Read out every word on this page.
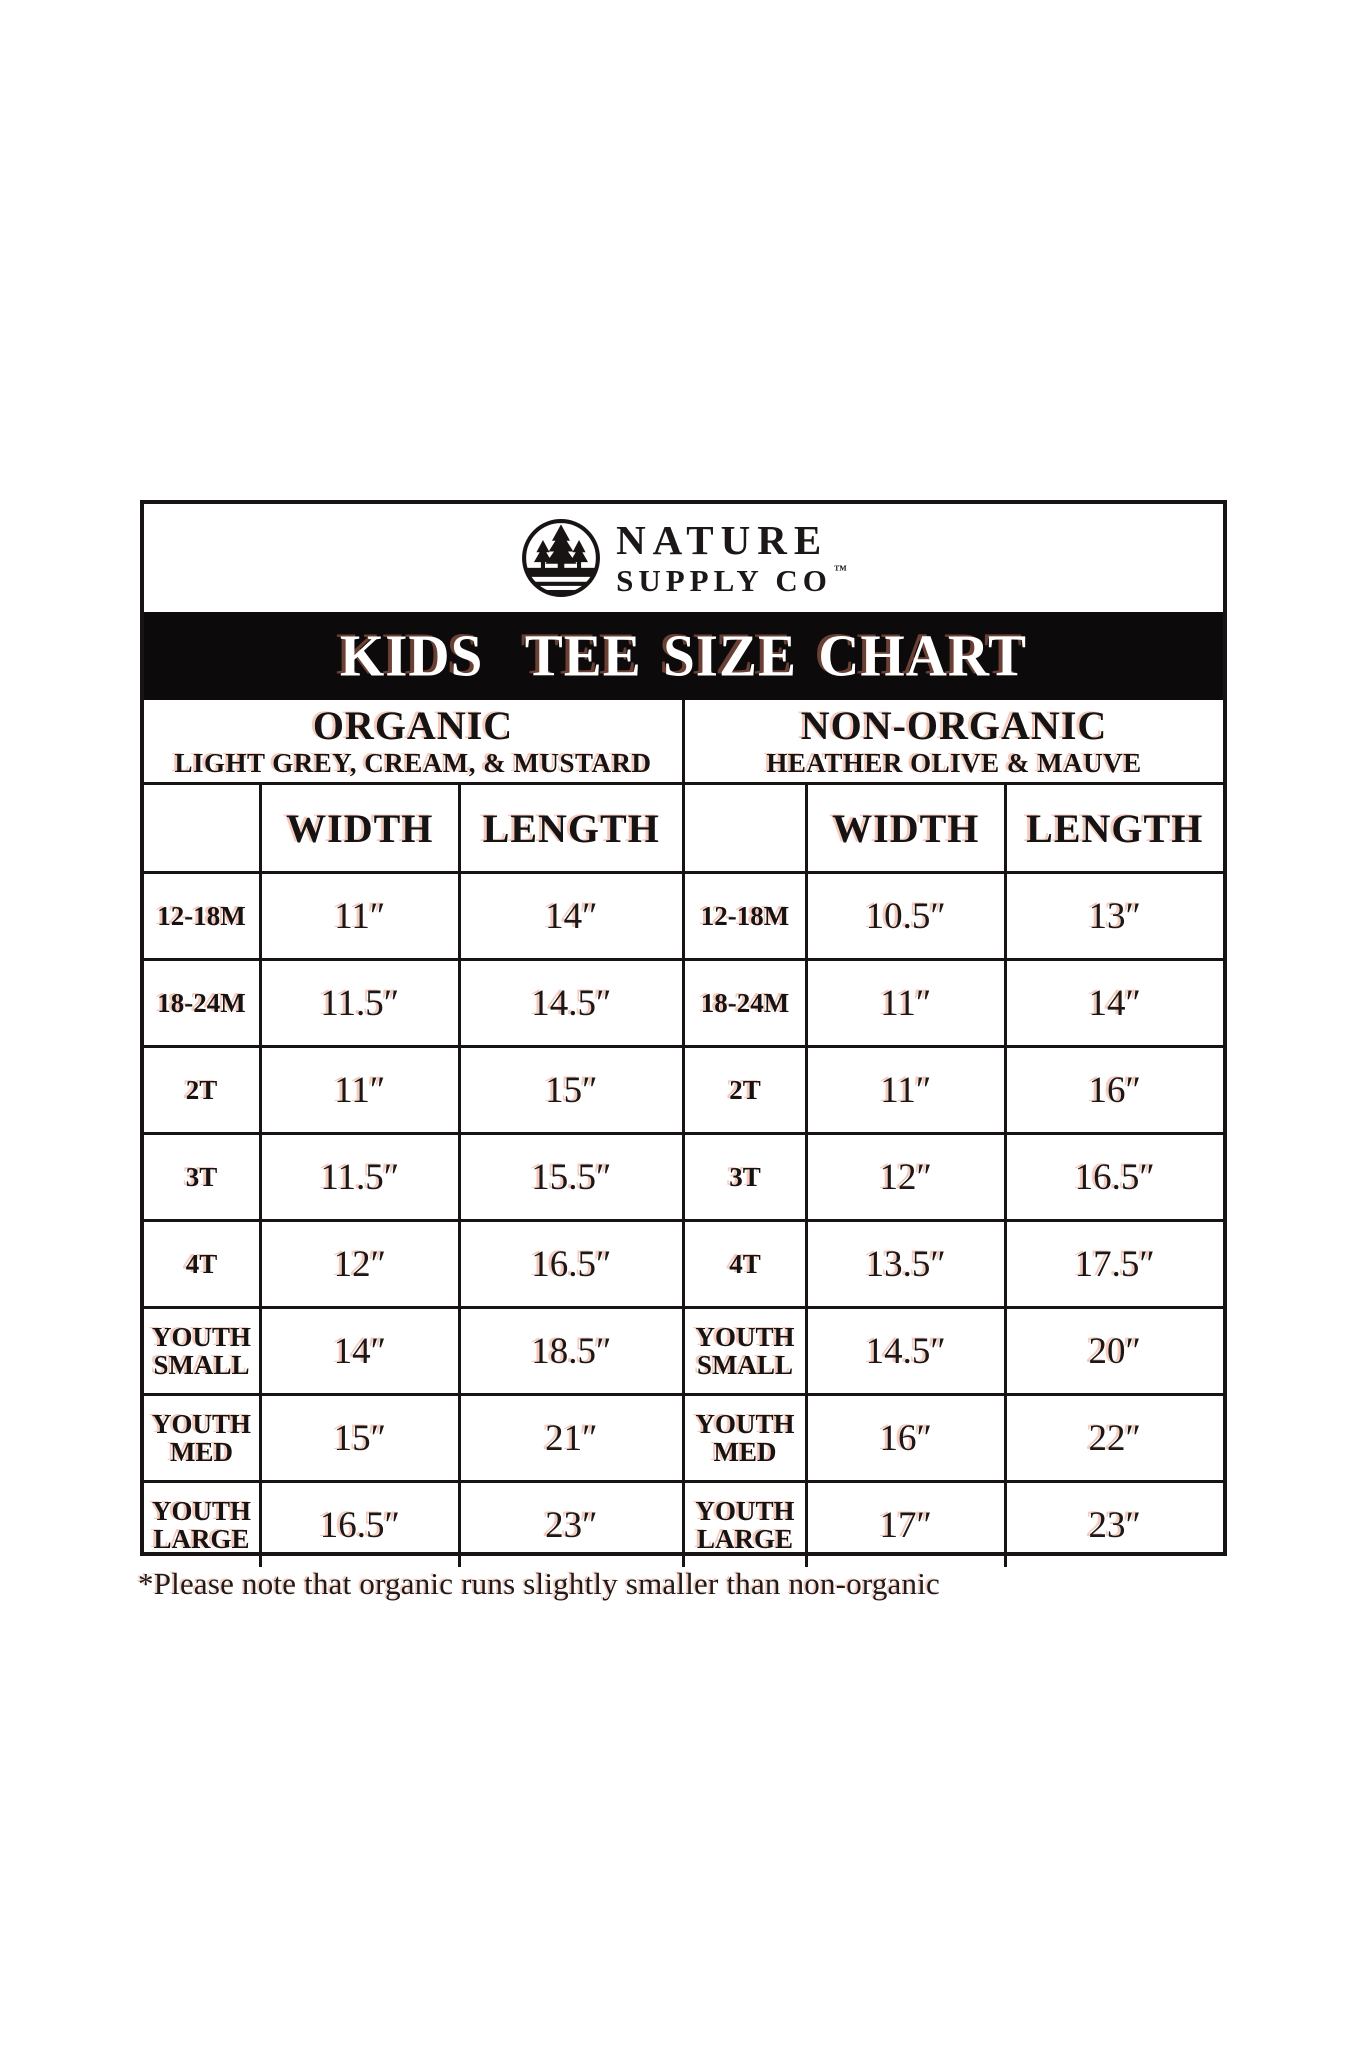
NATURE
SUPPLY CO ™
KIDS  TEE SIZE CHART
ORGANIC
LIGHT GREY, CREAM, & MUSTARD

NON-ORGANIC
HEATHER OLIVE & MAUVE

	WIDTH	LENGTH		WIDTH	LENGTH
12-18M	11″	14″	12-18M	10.5″	13″
18-24M	11.5″	14.5″	18-24M	11″	14″
2T	11″	15″	2T	11″	16″
3T	11.5″	15.5″	3T	12″	16.5″
4T	12″	16.5″	4T	13.5″	17.5″
YOUTH SMALL	14″	18.5″	YOUTH SMALL	14.5″	20″
YOUTH MED	15″	21″	YOUTH MED	16″	22″
YOUTH LARGE	16.5″	23″	YOUTH LARGE	17″	23″
*Please note that organic runs slightly smaller than non-organic
